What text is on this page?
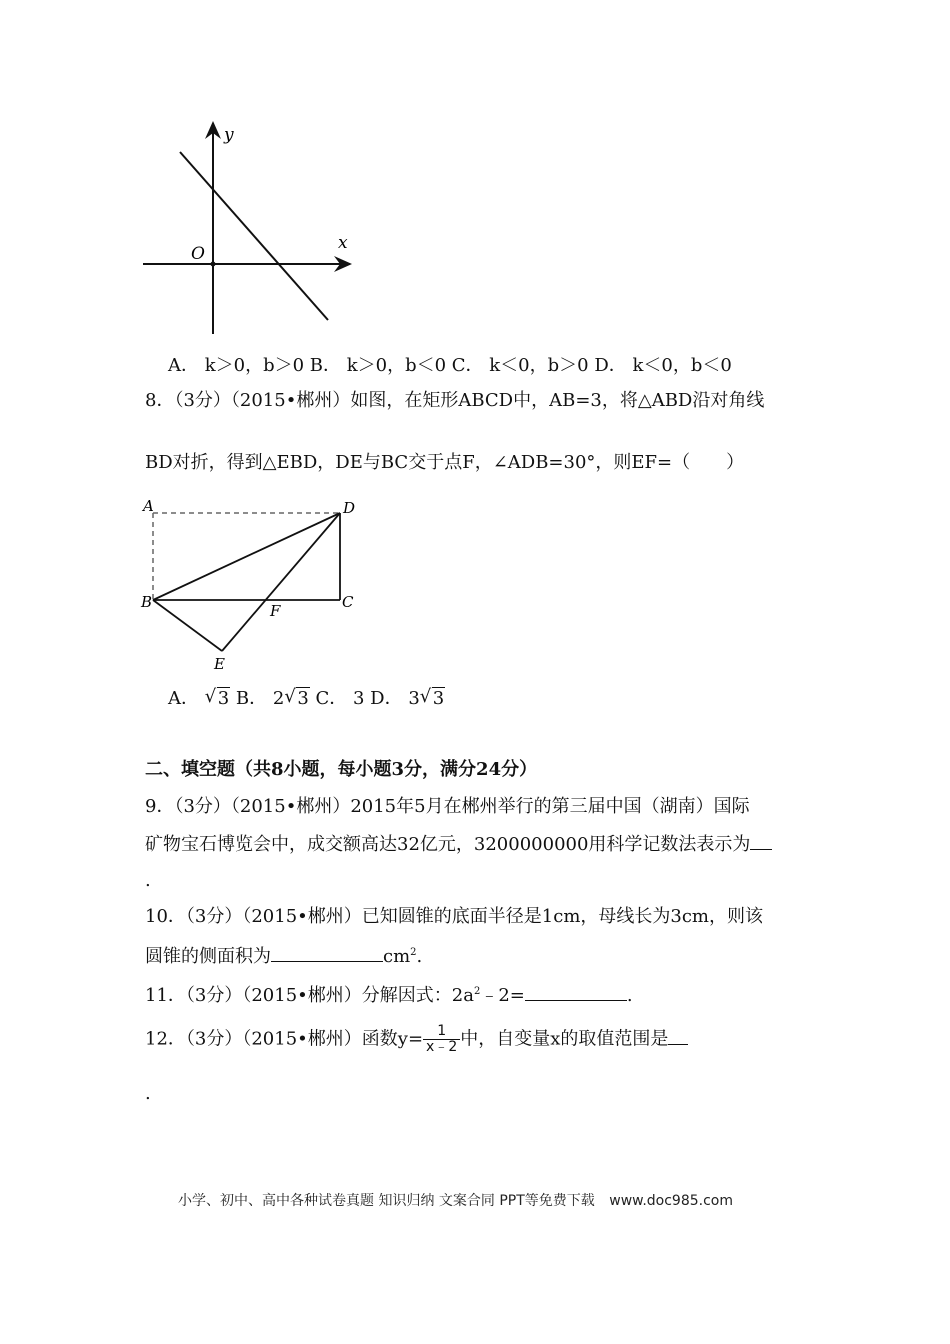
y
x
O
A． k＞0，b＞0 B． k＞0，b＜0 C． k＜0，b＞0 D． k＜0，b＜0
8．（3分）（2015•郴州）如图，在矩形ABCD中，AB=3，将△ABD沿对角线
BD对折，得到△EBD，DE与BC交于点F，∠ADB=30°，则EF=（　　）
A	D
B	C
F
E
A． √ 3 B． 2 √ 3 C． 3 D． 3 √ 3
二、填空题（共8小题，每小题3分，满分24分）
9．（3分）（2015•郴州）2015年5月在郴州举行的第三届中国（湖南）国际
矿物宝石博览会中，成交额高达32亿元，3200000000用科学记数法表示为
.
10．（3分）（2015•郴州）已知圆锥的底面半径是1cm，母线长为3cm，则该
圆锥的侧面积为	$cm^2$.
11．（3分）（2015•郴州）分解因式：$2a^2﹣2=$	.
12．（3分）（2015•郴州）函数$y= \frac{1}{x﹣2}$ 中，自变量x的取值范围是
.
小学、初中、高中各种试卷真题 知识归纳 文案合同 PPT等免费下载 www.doc985.com
